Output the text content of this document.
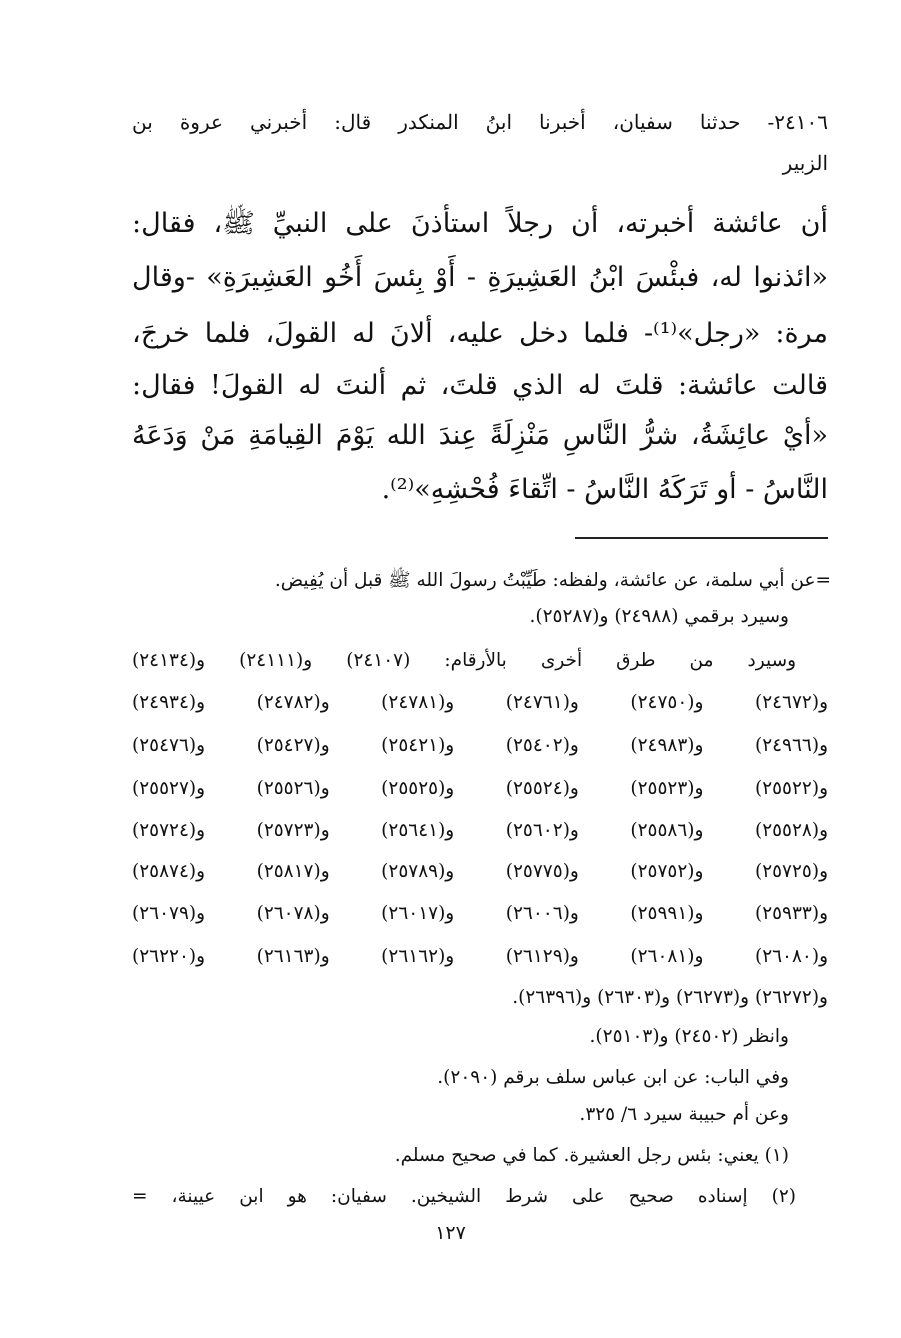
٢٤١٠٦- حدثنا سفيان، أخبرنا ابنُ المنكدر قال: أخبرني عروة بن
الزبير
أن عائشة أخبرته، أن رجلاً استأذنَ على النبيِّ ﷺ، فقال:
«ائذنوا له، فبئْسَ ابْنُ العَشِيرَةِ - أَوْ بِئسَ أَخُو العَشِيرَةِ» -وقال
مرة: «رجل»⁽¹⁾- فلما دخل عليه، ألانَ له القولَ، فلما خرجَ،
قالت عائشة: قلتَ له الذي قلتَ، ثم ألنتَ له القولَ! فقال:
«أيْ عائِشَةُ، شرُّ النَّاسِ مَنْزِلَةً عِندَ الله يَوْمَ القِيامَةِ مَنْ وَدَعَهُ
النَّاسُ - أو تَرَكَهُ النَّاسُ - اتِّقاءَ فُحْشِهِ»⁽²⁾.
=عن أبي سلمة، عن عائشة، ولفظه: طَيِّبْتُ رسولَ الله ﷺ قبل أن يُفِيض.
وسيرد برقمي (٢٤٩٨٨) و(٢٥٢٨٧).
وسيرد من طرق أخرى بالأرقام: (٢٤١٠٧) و(٢٤١١١) و(٢٤١٣٤)
و(٢٤٦٧٢) و(٢٤٧٥٠) و(٢٤٧٦١) و(٢٤٧٨١) و(٢٤٧٨٢) و(٢٤٩٣٤)
و(٢٤٩٦٦) و(٢٤٩٨٣) و(٢٥٤٠٢) و(٢٥٤٢١) و(٢٥٤٢٧) و(٢٥٤٧٦)
و(٢٥٥٢٢) و(٢٥٥٢٣) و(٢٥٥٢٤) و(٢٥٥٢٥) و(٢٥٥٢٦) و(٢٥٥٢٧)
و(٢٥٥٢٨) و(٢٥٥٨٦) و(٢٥٦٠٢) و(٢٥٦٤١) و(٢٥٧٢٣) و(٢٥٧٢٤)
و(٢٥٧٢٥) و(٢٥٧٥٢) و(٢٥٧٧٥) و(٢٥٧٨٩) و(٢٥٨١٧) و(٢٥٨٧٤)
و(٢٥٩٣٣) و(٢٥٩٩١) و(٢٦٠٠٦) و(٢٦٠١٧) و(٢٦٠٧٨) و(٢٦٠٧٩)
و(٢٦٠٨٠) و(٢٦٠٨١) و(٢٦١٢٩) و(٢٦١٦٢) و(٢٦١٦٣) و(٢٦٢٢٠)
و(٢٦٢٧٢) و(٢٦٢٧٣) و(٢٦٣٠٣) و(٢٦٣٩٦).
وانظر (٢٤٥٠٢) و(٢٥١٠٣).
وفي الباب: عن ابن عباس سلف برقم (٢٠٩٠).
وعن أم حبيبة سيرد ٦/ ٣٢٥.
(١) يعني: بئس رجل العشيرة. كما في صحيح مسلم.
(٢) إسناده صحيح على شرط الشيخين. سفيان: هو ابن عيينة، =
١٢٧
